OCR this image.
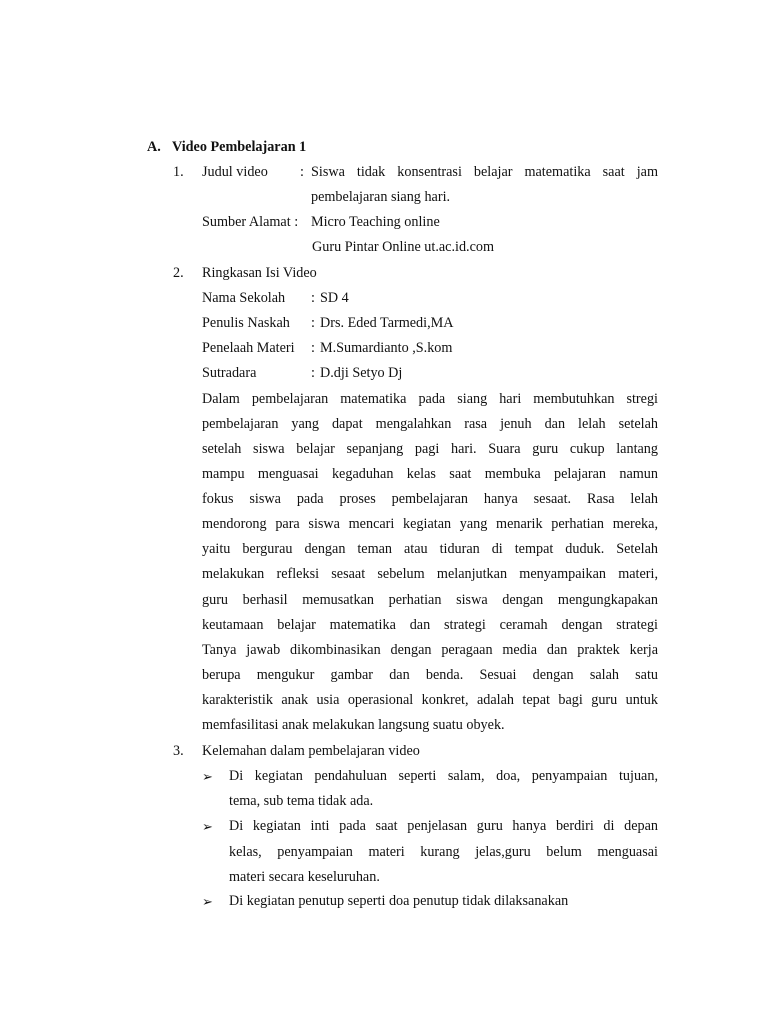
A. Video Pembelajaran 1
1. Judul video : Siswa tidak konsentrasi belajar matematika saat jam
pembelajaran siang hari.
Sumber Alamat : Micro Teaching online
Guru Pintar Online ut.ac.id.com
2. Ringkasan Isi Video
Nama Sekolah : SD 4
Penulis Naskah : Drs. Eded Tarmedi,MA
Penelaah Materi : M.Sumardianto ,S.kom
Sutradara	: D.dji Setyo Dj
Dalam pembelajaran matematika pada siang hari membutuhkan stregi
pembelajaran yang dapat mengalahkan rasa jenuh dan lelah setelah
setelah siswa belajar sepanjang pagi hari. Suara guru cukup lantang
mampu menguasai kegaduhan kelas saat membuka pelajaran namun
fokus siswa pada proses pembelajaran hanya sesaat. Rasa lelah
mendorong para siswa mencari kegiatan yang menarik perhatian mereka,
yaitu bergurau dengan teman atau tiduran di tempat duduk. Setelah
melakukan refleksi sesaat sebelum melanjutkan menyampaikan materi,
guru berhasil memusatkan perhatian siswa dengan mengungkapakan
keutamaan belajar matematika dan strategi ceramah dengan strategi
Tanya jawab dikombinasikan dengan peragaan media dan praktek kerja
berupa mengukur gambar dan benda. Sesuai dengan salah satu
karakteristik anak usia operasional konkret, adalah tepat bagi guru untuk
memfasilitasi anak melakukan langsung suatu obyek.
3. Kelemahan dalam pembelajaran video
➢ Di kegiatan pendahuluan seperti salam, doa, penyampaian tujuan,
tema, sub tema tidak ada.
➢ Di kegiatan inti pada saat penjelasan guru hanya berdiri di depan
kelas, penyampaian materi kurang jelas,guru belum menguasai
materi secara keseluruhan.
➢ Di kegiatan penutup seperti doa penutup tidak dilaksanakan
